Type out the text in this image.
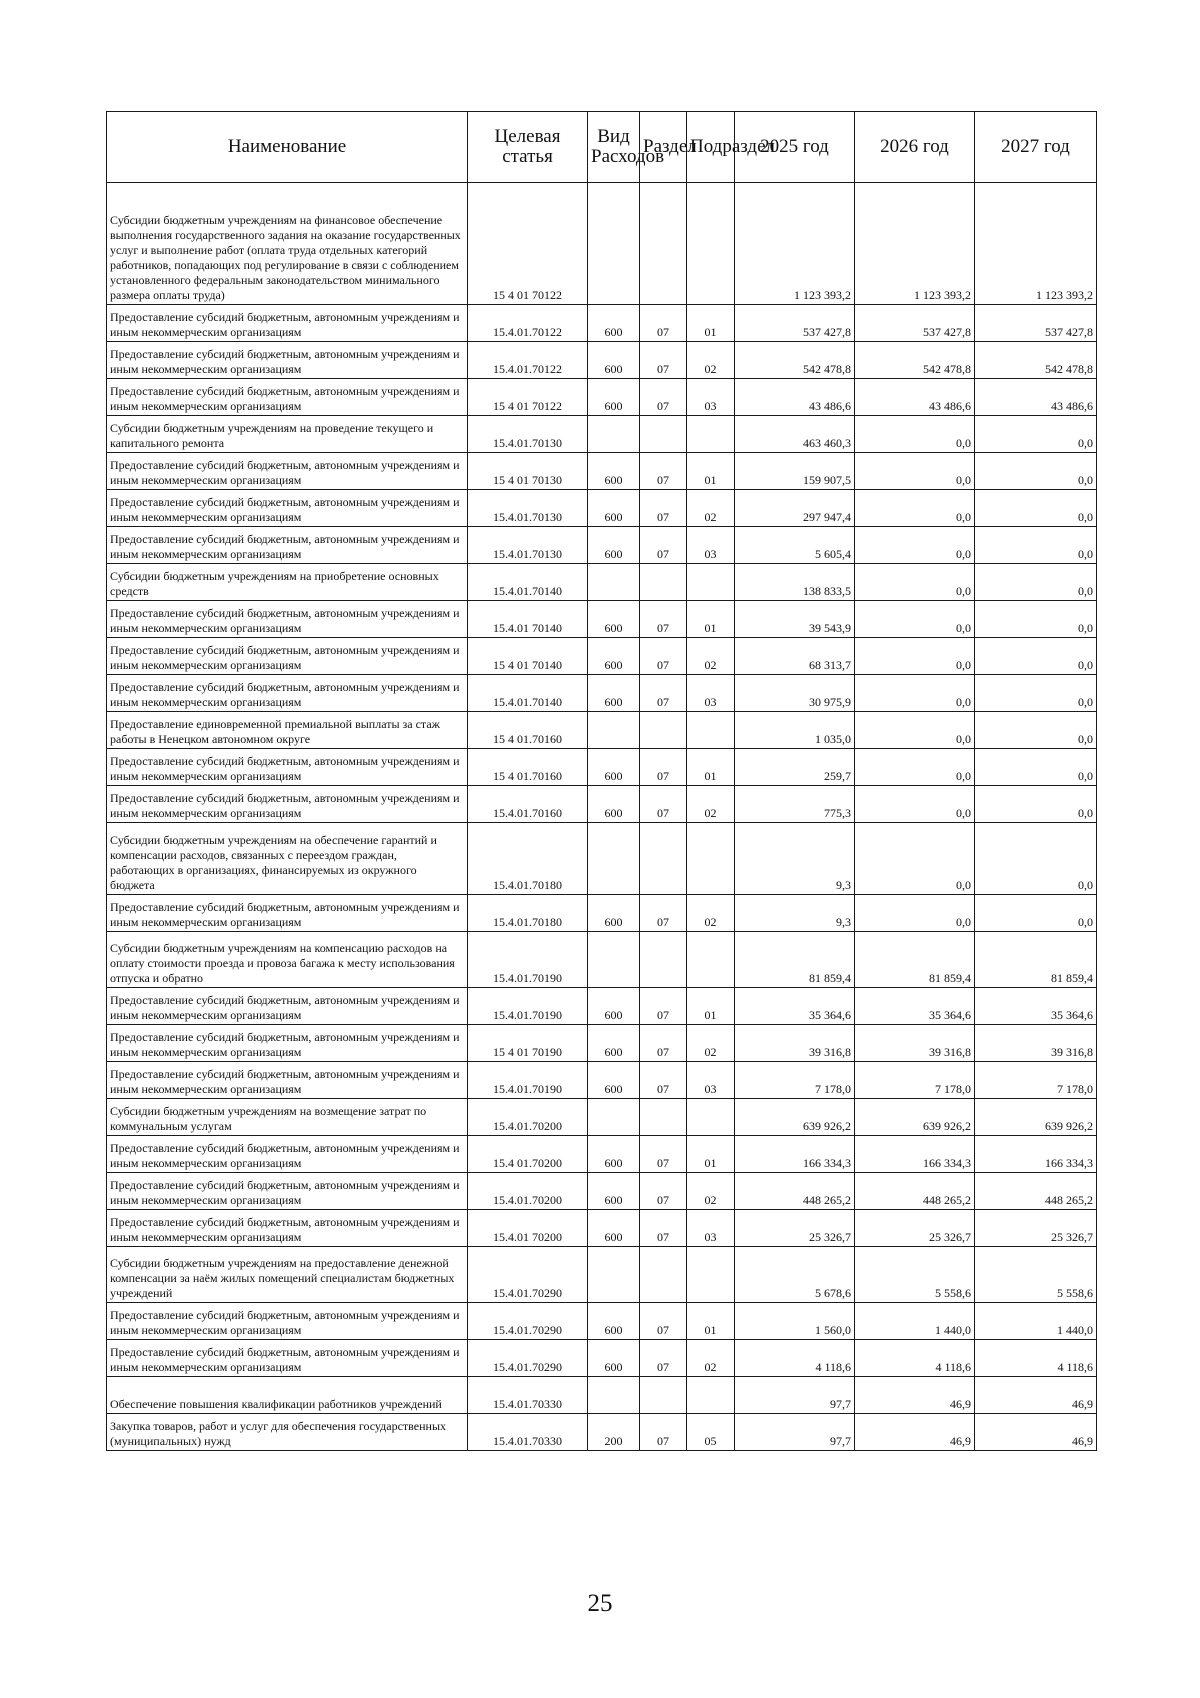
Наименование	Целевая статья	Вид Расходов	Раздел	Подраздел	2025 год	2026 год	2027 год
Субсидии бюджетным учреждениям на финансовое обеспечение выполнения государственного задания на оказание государственных услуг и выполнение работ (оплата труда отдельных категорий работников, попадающих под регулирование в связи с соблюдением установленного федеральным законодательством минимального размера оплаты труда)	15 4 01 70122				1 123 393,2	1 123 393,2	1 123 393,2
Предоставление субсидий бюджетным, автономным учреждениям и иным некоммерческим организациям	15.4.01.70122	600	07	01	537 427,8	537 427,8	537 427,8
Предоставление субсидий бюджетным, автономным учреждениям и иным некоммерческим организациям	15.4.01.70122	600	07	02	542 478,8	542 478,8	542 478,8
Предоставление субсидий бюджетным, автономным учреждениям и иным некоммерческим организациям	15 4 01 70122	600	07	03	43 486,6	43 486,6	43 486,6
Субсидии бюджетным учреждениям на проведение текущего и капитального ремонта	15.4.01.70130				463 460,3	0,0	0,0
Предоставление субсидий бюджетным, автономным учреждениям и иным некоммерческим организациям	15 4 01 70130	600	07	01	159 907,5	0,0	0,0
Предоставление субсидий бюджетным, автономным учреждениям и иным некоммерческим организациям	15.4.01.70130	600	07	02	297 947,4	0,0	0,0
Предоставление субсидий бюджетным, автономным учреждениям и иным некоммерческим организациям	15.4.01.70130	600	07	03	5 605,4	0,0	0,0
Субсидии бюджетным учреждениям на приобретение основных средств	15.4.01.70140				138 833,5	0,0	0,0
Предоставление субсидий бюджетным, автономным учреждениям и иным некоммерческим организациям	15.4.01 70140	600	07	01	39 543,9	0,0	0,0
Предоставление субсидий бюджетным, автономным учреждениям и иным некоммерческим организациям	15 4 01 70140	600	07	02	68 313,7	0,0	0,0
Предоставление субсидий бюджетным, автономным учреждениям и иным некоммерческим организациям	15.4.01.70140	600	07	03	30 975,9	0,0	0,0
Предоставление единовременной премиальной выплаты за стаж работы в Ненецком автономном округе	15 4 01.70160				1 035,0	0,0	0,0
Предоставление субсидий бюджетным, автономным учреждениям и иным некоммерческим организациям	15 4 01.70160	600	07	01	259,7	0,0	0,0
Предоставление субсидий бюджетным, автономным учреждениям и иным некоммерческим организациям	15.4.01.70160	600	07	02	775,3	0,0	0,0
Субсидии бюджетным учреждениям на обеспечение гарантий и компенсации расходов, связанных с переездом граждан, работающих в организациях, финансируемых из окружного бюджета	15.4.01.70180				9,3	0,0	0,0
Предоставление субсидий бюджетным, автономным учреждениям и иным некоммерческим организациям	15.4.01.70180	600	07	02	9,3	0,0	0,0
Субсидии бюджетным учреждениям на компенсацию расходов на оплату стоимости проезда и провоза багажа к месту использования отпуска и обратно	15.4.01.70190				81 859,4	81 859,4	81 859,4
Предоставление субсидий бюджетным, автономным учреждениям и иным некоммерческим организациям	15.4.01.70190	600	07	01	35 364,6	35 364,6	35 364,6
Предоставление субсидий бюджетным, автономным учреждениям и иным некоммерческим организациям	15 4 01 70190	600	07	02	39 316,8	39 316,8	39 316,8
Предоставление субсидий бюджетным, автономным учреждениям и иным некоммерческим организациям	15.4.01.70190	600	07	03	7 178,0	7 178,0	7 178,0
Субсидии бюджетным учреждениям на возмещение затрат по коммунальным услугам	15.4.01.70200				639 926,2	639 926,2	639 926,2
Предоставление субсидий бюджетным, автономным учреждениям и иным некоммерческим организациям	15.4 01.70200	600	07	01	166 334,3	166 334,3	166 334,3
Предоставление субсидий бюджетным, автономным учреждениям и иным некоммерческим организациям	15.4.01.70200	600	07	02	448 265,2	448 265,2	448 265,2
Предоставление субсидий бюджетным, автономным учреждениям и иным некоммерческим организациям	15.4.01 70200	600	07	03	25 326,7	25 326,7	25 326,7
Субсидии бюджетным учреждениям на предоставление денежной компенсации за наём жилых помещений специалистам бюджетных учреждений	15.4.01.70290				5 678,6	5 558,6	5 558,6
Предоставление субсидий бюджетным, автономным учреждениям и иным некоммерческим организациям	15.4.01.70290	600	07	01	1 560,0	1 440,0	1 440,0
Предоставление субсидий бюджетным, автономным учреждениям и иным некоммерческим организациям	15.4.01.70290	600	07	02	4 118,6	4 118,6	4 118,6
Обеспечение повышения квалификации работников учреждений	15.4.01.70330				97,7	46,9	46,9
Закупка товаров, работ и услуг для обеспечения государственных (муниципальных) нужд	15.4.01.70330	200	07	05	97,7	46,9	46,9
25
